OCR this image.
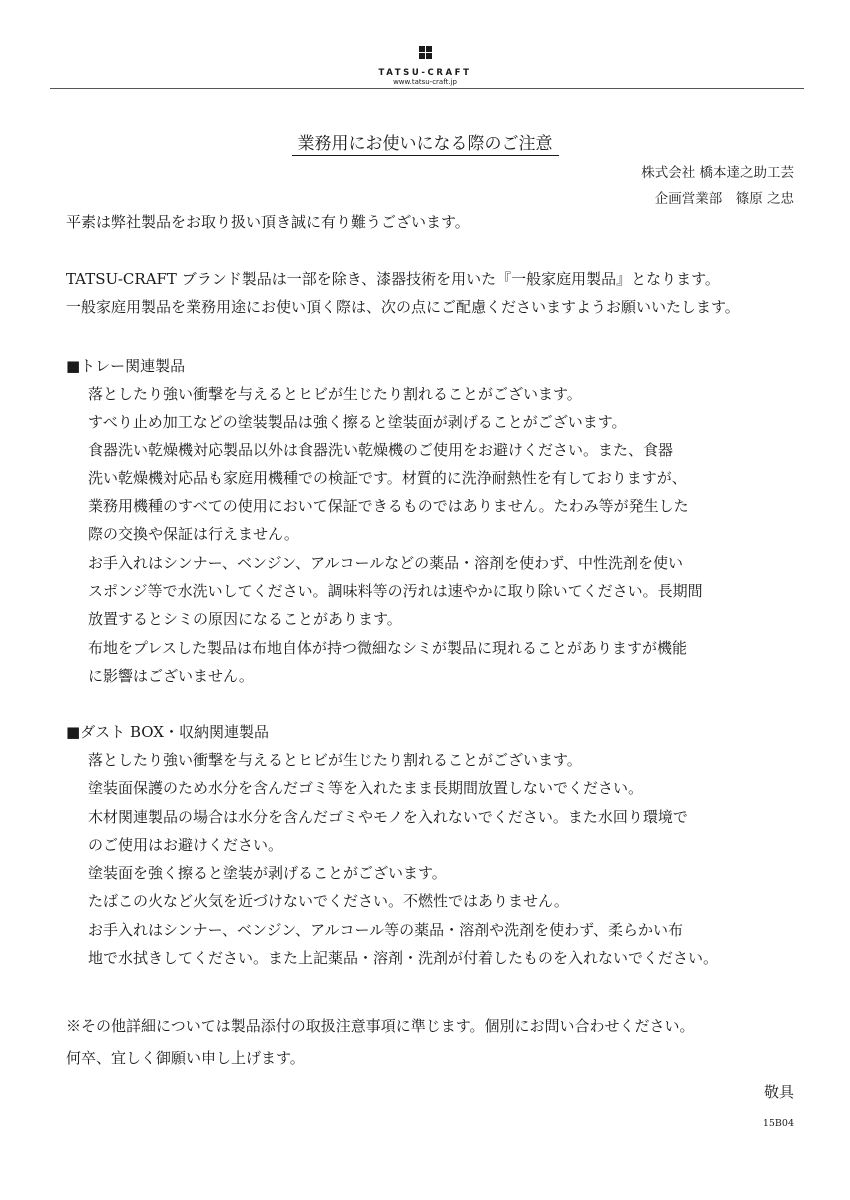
TATSU-CRAFT
www.tatsu-craft.jp
業務用にお使いになる際のご注意
株式会社 橋本達之助工芸
企画営業部　篠原 之忠
平素は弊社製品をお取り扱い頂き誠に有り難うございます。
TATSU-CRAFT ブランド製品は一部を除き、漆器技術を用いた『一般家庭用製品』となります。
一般家庭用製品を業務用途にお使い頂く際は、次の点にご配慮くださいますようお願いいたします。
■トレー関連製品
落としたり強い衝撃を与えるとヒビが生じたり割れることがございます。
すべり止め加工などの塗装製品は強く擦ると塗装面が剥げることがございます。
食器洗い乾燥機対応製品以外は食器洗い乾燥機のご使用をお避けください。また、食器
洗い乾燥機対応品も家庭用機種での検証です。材質的に洗浄耐熱性を有しておりますが、
業務用機種のすべての使用において保証できるものではありません。たわみ等が発生した
際の交換や保証は行えません。
お手入れはシンナー、ベンジン、アルコールなどの薬品・溶剤を使わず、中性洗剤を使い
スポンジ等で水洗いしてください。調味料等の汚れは速やかに取り除いてください。長期間
放置するとシミの原因になることがあります。
布地をプレスした製品は布地自体が持つ微細なシミが製品に現れることがありますが機能
に影響はございません。
■ダスト BOX・収納関連製品
落としたり強い衝撃を与えるとヒビが生じたり割れることがございます。
塗装面保護のため水分を含んだゴミ等を入れたまま長期間放置しないでください。
木材関連製品の場合は水分を含んだゴミやモノを入れないでください。また水回り環境で
のご使用はお避けください。
塗装面を強く擦ると塗装が剥げることがございます。
たばこの火など火気を近づけないでください。不燃性ではありません。
お手入れはシンナー、ベンジン、アルコール等の薬品・溶剤や洗剤を使わず、柔らかい布
地で水拭きしてください。また上記薬品・溶剤・洗剤が付着したものを入れないでください。
※その他詳細については製品添付の取扱注意事項に準じます。個別にお問い合わせください。
何卒、宜しく御願い申し上げます。
敬具
15B04
